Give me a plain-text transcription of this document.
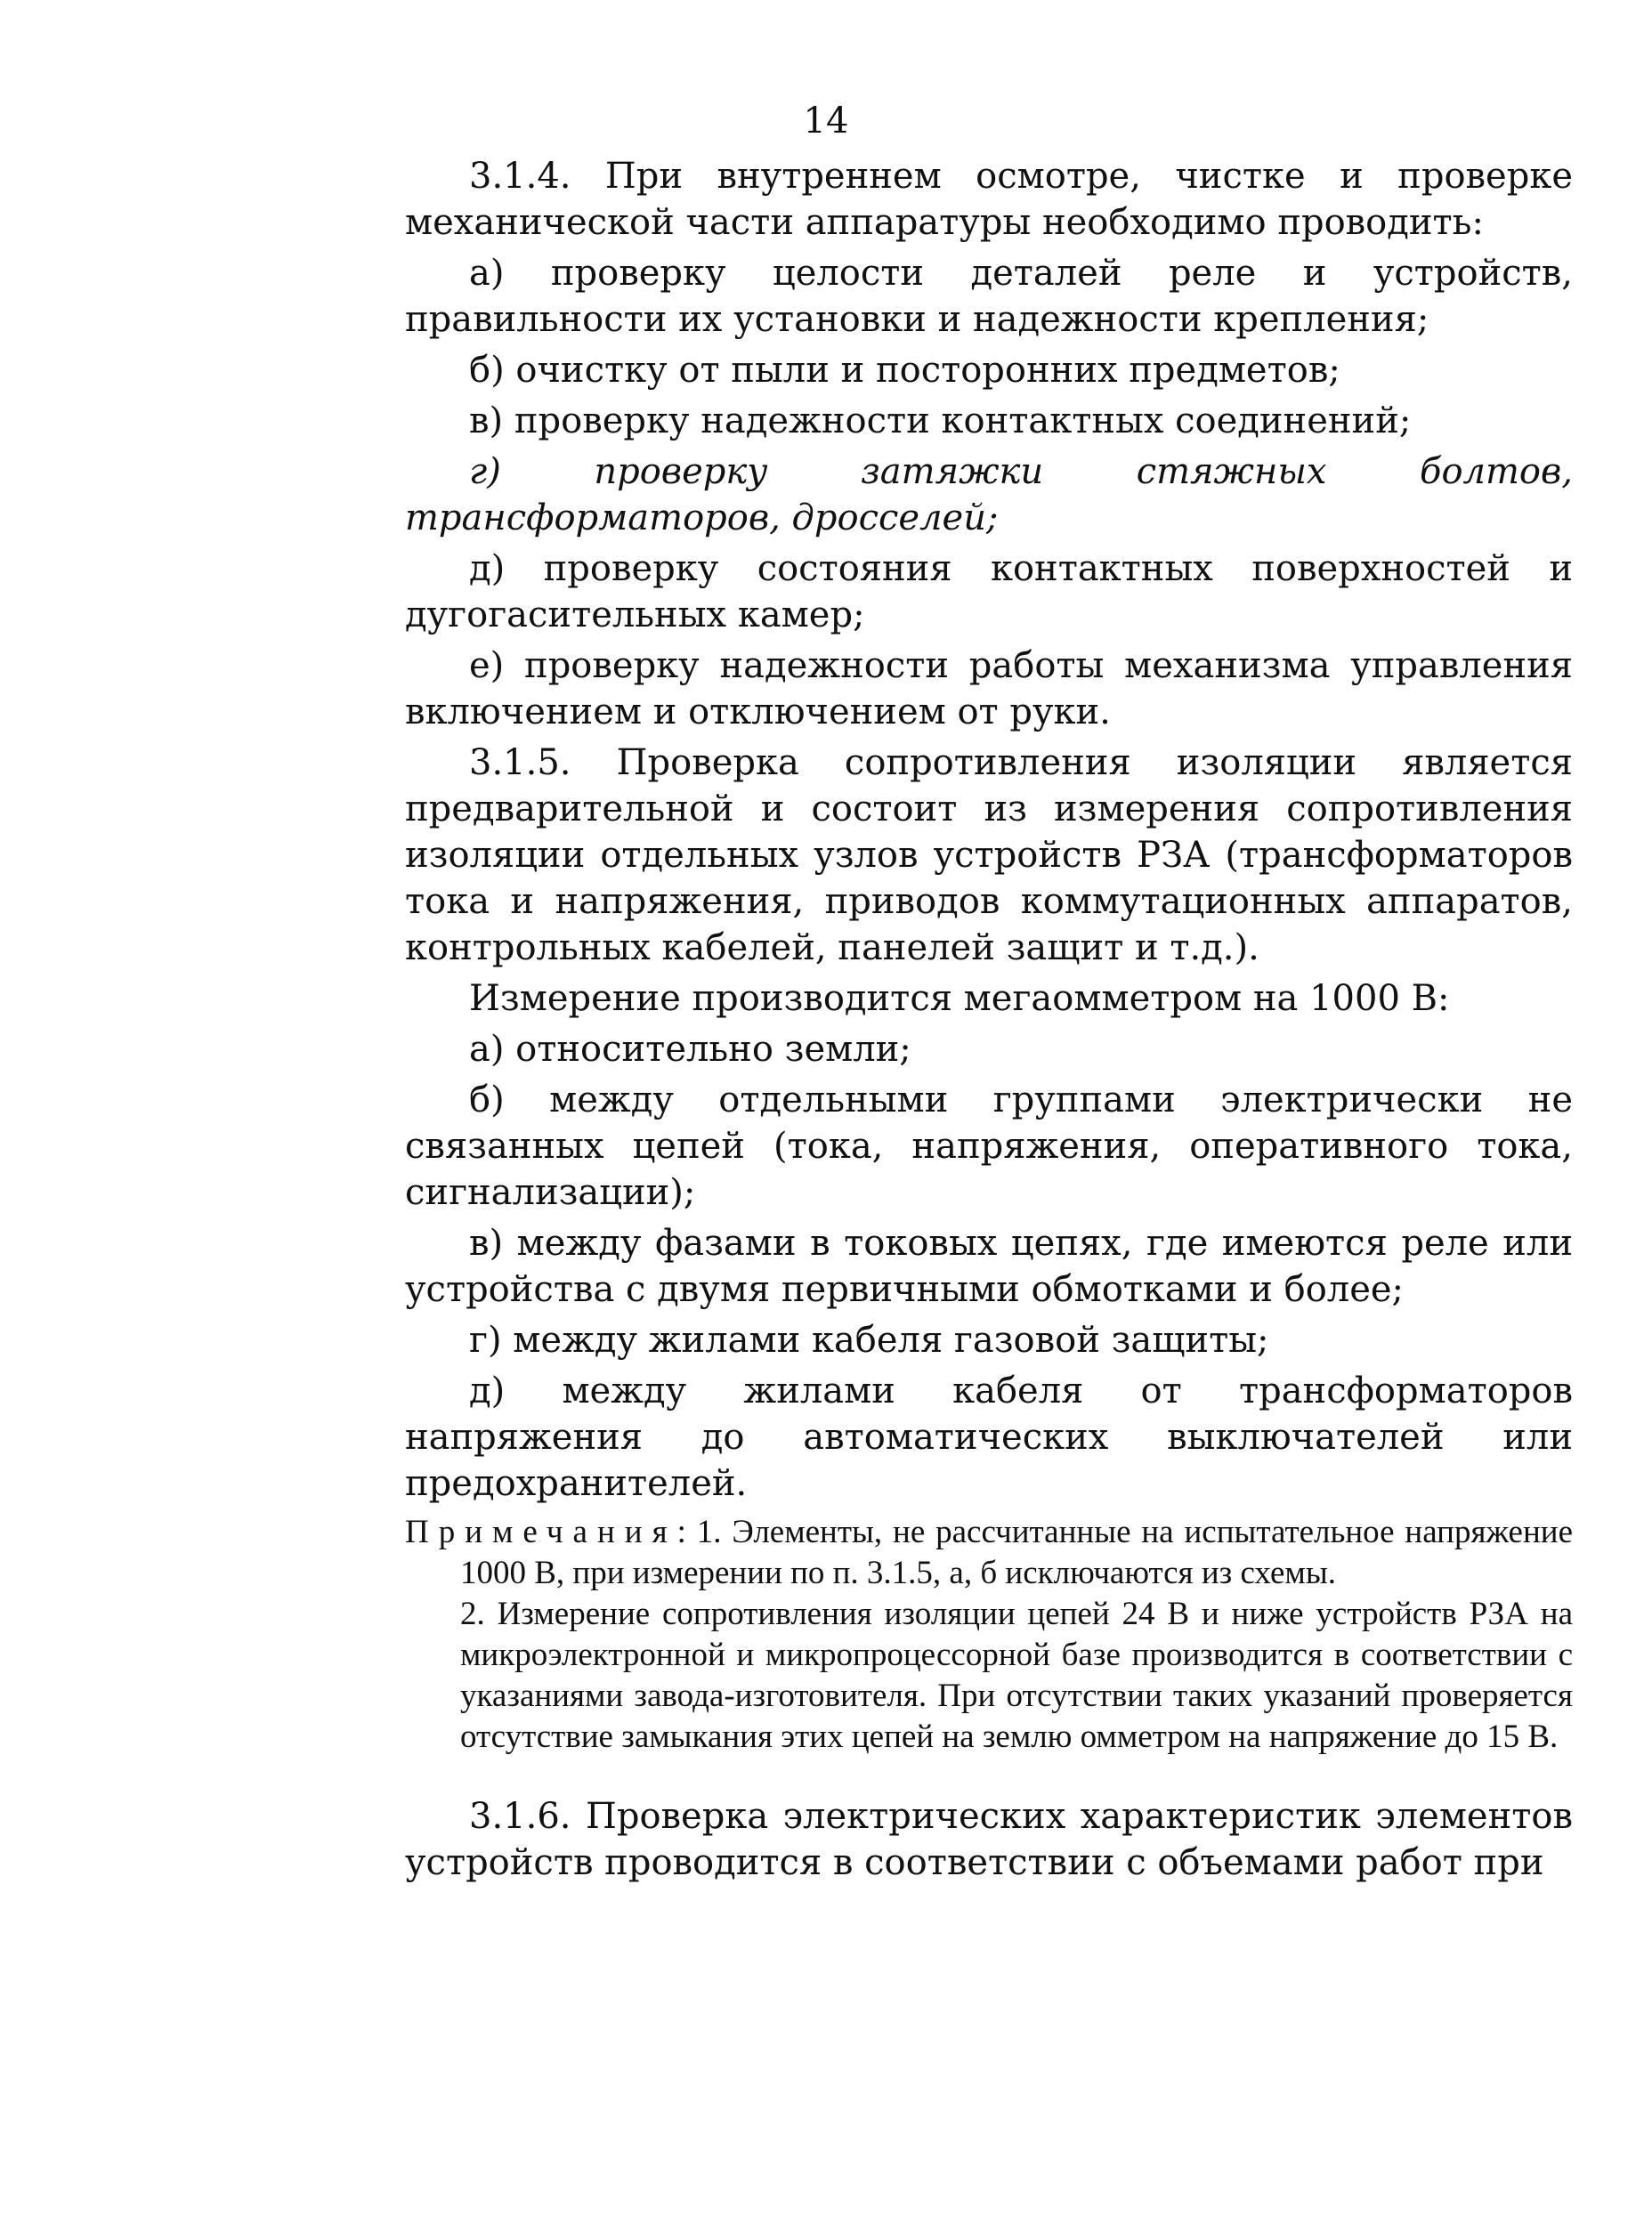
14

3.1.4. При внутреннем осмотре, чистке и проверке механической части аппаратуры необходимо проводить:

а) проверку целости деталей реле и устройств, правильности их установки и надежности крепления;

б) очистку от пыли и посторонних предметов;

в) проверку надежности контактных соединений;

г) проверку затяжки стяжных болтов, трансформаторов, дросселей;

д) проверку состояния контактных поверхностей и дугогасительных камер;

е) проверку надежности работы механизма управления включением и отключением от руки.

3.1.5. Проверка сопротивления изоляции является предварительной и состоит из измерения сопротивления изоляции отдельных узлов устройств РЗА (трансформаторов тока и напряжения, приводов коммутационных аппаратов, контрольных кабелей, панелей защит и т.д.).

Измерение производится мегаомметром на 1000 В:

а) относительно земли;

б) между отдельными группами электрически не связанных цепей (тока, напряжения, оперативного тока, сигнализации);

в) между фазами в токовых цепях, где имеются реле или устройства с двумя первичными обмотками и более;

г) между жилами кабеля газовой защиты;

д) между жилами кабеля от трансформаторов напряжения до автоматических выключателей или предохранителей.

Примечания: 1. Элементы, не рассчитанные на испытательное напряжение 1000 В, при измерении по п. 3.1.5, а, б исключаются из схемы.

2. Измерение сопротивления изоляции цепей 24 В и ниже устройств РЗА на микроэлектронной и микропроцессорной базе производится в соответствии с указаниями завода-изготовителя. При отсутствии таких указаний проверяется отсутствие замыкания этих цепей на землю омметром на напряжение до 15 В.

3.1.6. Проверка электрических характеристик элементов устройств проводится в соответствии с объемами работ при
